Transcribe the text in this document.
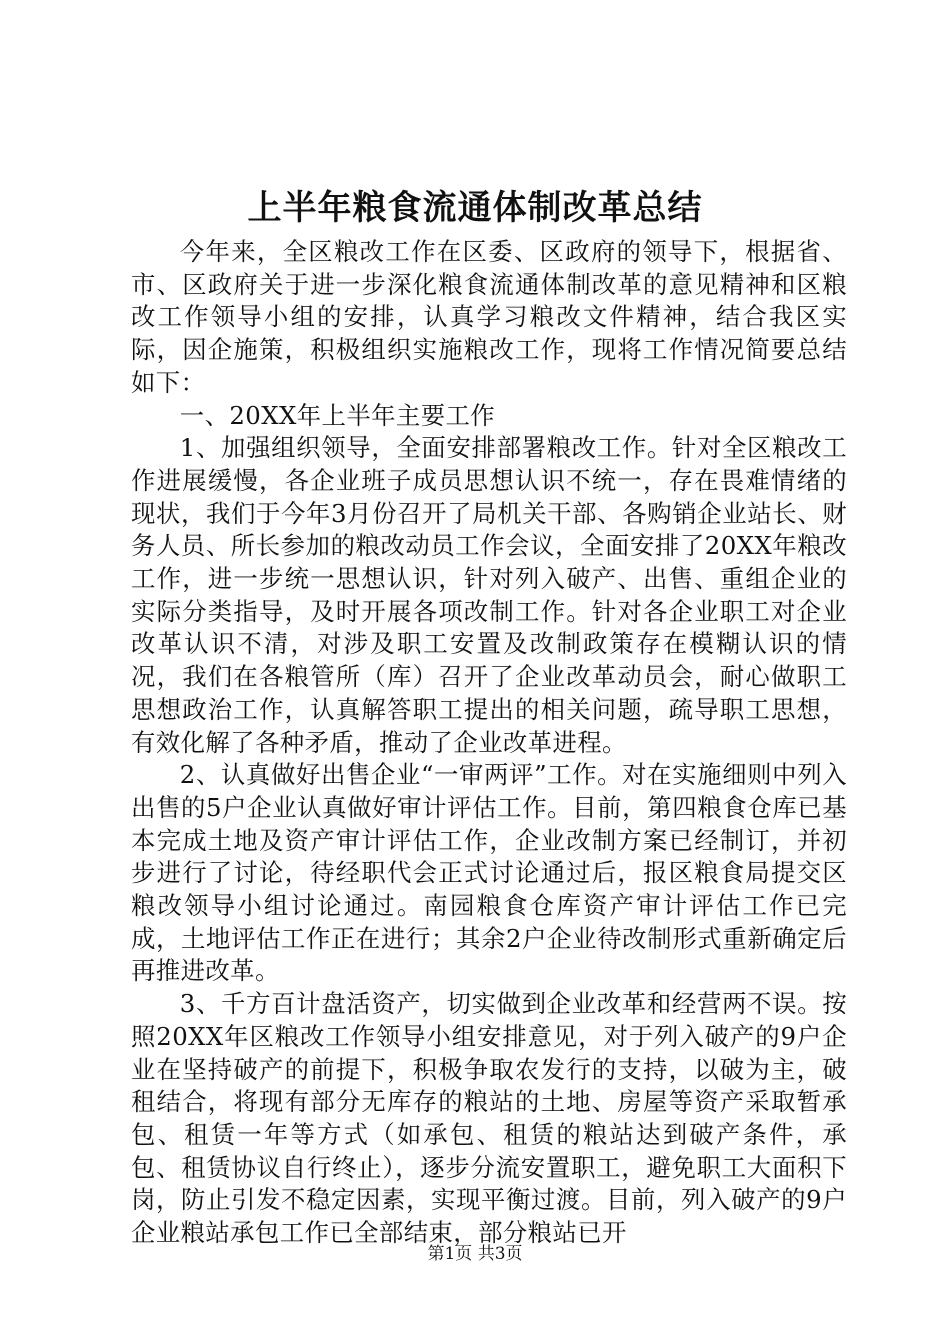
上半年粮食流通体制改革总结

今年来，全区粮改工作在区委、区政府的领导下，根据省、市、区政府关于进一步深化粮食流通体制改革的意见精神和区粮改工作领导小组的安排，认真学习粮改文件精神，结合我区实际，因企施策，积极组织实施粮改工作，现将工作情况简要总结如下：

一、20XX年上半年主要工作

1、加强组织领导，全面安排部署粮改工作。针对全区粮改工作进展缓慢，各企业班子成员思想认识不统一，存在畏难情绪的现状，我们于今年3月份召开了局机关干部、各购销企业站长、财务人员、所长参加的粮改动员工作会议，全面安排了20XX年粮改工作，进一步统一思想认识，针对列入破产、出售、重组企业的实际分类指导，及时开展各项改制工作。针对各企业职工对企业改革认识不清，对涉及职工安置及改制政策存在模糊认识的情况，我们在各粮管所（库）召开了企业改革动员会，耐心做职工思想政治工作，认真解答职工提出的相关问题，疏导职工思想，有效化解了各种矛盾，推动了企业改革进程。

2、认真做好出售企业“一审两评”工作。对在实施细则中列入出售的5户企业认真做好审计评估工作。目前，第四粮食仓库已基本完成土地及资产审计评估工作，企业改制方案已经制订，并初步进行了讨论，待经职代会正式讨论通过后，报区粮食局提交区粮改领导小组讨论通过。南园粮食仓库资产审计评估工作已完成，土地评估工作正在进行；其余2户企业待改制形式重新确定后再推进改革。

3、千方百计盘活资产，切实做到企业改革和经营两不误。按照20XX年区粮改工作领导小组安排意见，对于列入破产的9户企业在坚持破产的前提下，积极争取农发行的支持，以破为主，破租结合，将现有部分无库存的粮站的土地、房屋等资产采取暂承包、租赁一年等方式（如承包、租赁的粮站达到破产条件，承包、租赁协议自行终止），逐步分流安置职工，避免职工大面积下岗，防止引发不稳定因素，实现平衡过渡。目前，列入破产的9户企业粮站承包工作已全部结束，部分粮站已开

第1页 共3页
